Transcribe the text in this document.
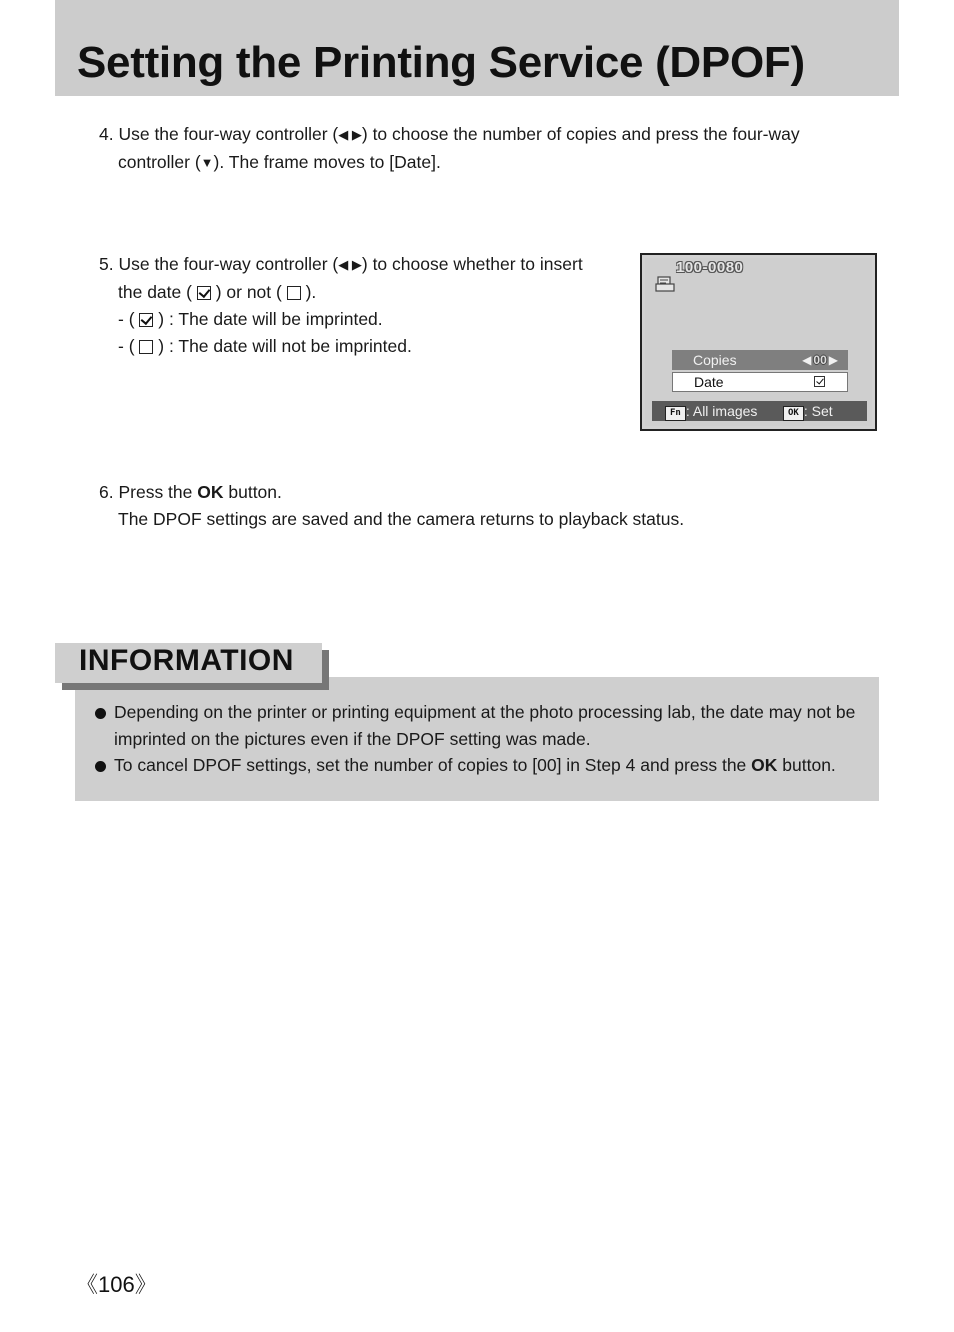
Setting the Printing Service (DPOF)
4. Use the four-way controller (◀ ▶) to choose the number of copies and press the four-way
controller (▼). The frame moves to [Date].
5. Use the four-way controller (◀ ▶) to choose whether to insert
the date ( ) or not ( ).
- ( ) : The date will be imprinted.
- ( ) : The date will not be imprinted.
100-0080
Copies	◀ 00 ▶
Date
Fn : All images	OK : Set
6. Press the OK button.
The DPOF settings are saved and the camera returns to playback status.
Depending on the printer or printing equipment at the photo processing lab, the date may not be
imprinted on the pictures even if the DPOF setting was made.
To cancel DPOF settings, set the number of copies to [00] in Step 4 and press the OK button.
INFORMATION
《106》
